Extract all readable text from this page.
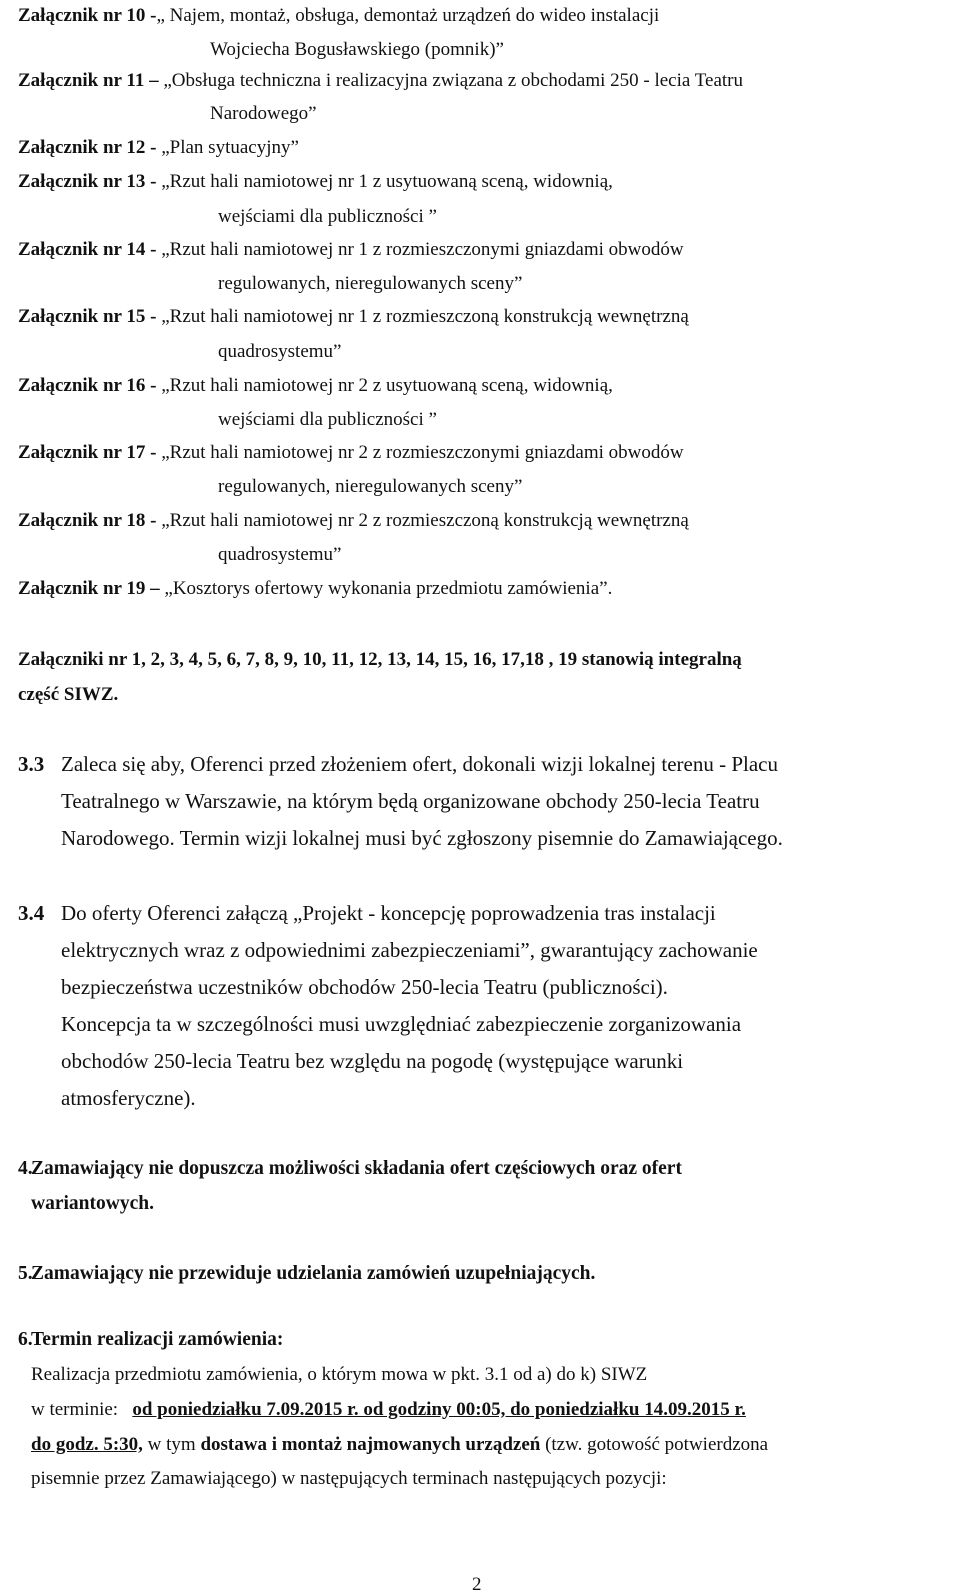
Załącznik nr 10 -„ Najem, montaż, obsługa, demontaż urządzeń do wideo instalacji
Wojciecha Bogusławskiego (pomnik)”
Załącznik nr 11 – „Obsługa techniczna i realizacyjna związana z obchodami 250 - lecia Teatru
Narodowego”
Załącznik nr 12 - „Plan sytuacyjny”
Załącznik nr 13 - „Rzut hali namiotowej nr 1 z usytuowaną sceną, widownią,
wejściami dla publiczności ”
Załącznik nr 14 - „Rzut hali namiotowej nr 1 z rozmieszczonymi gniazdami obwodów
regulowanych, nieregulowanych sceny”
Załącznik nr 15 - „Rzut hali namiotowej nr 1 z rozmieszczoną konstrukcją wewnętrzną
quadrosystemu”
Załącznik nr 16 - „Rzut hali namiotowej nr 2 z usytuowaną sceną, widownią,
wejściami dla publiczności ”
Załącznik nr 17 - „Rzut hali namiotowej nr 2 z rozmieszczonymi gniazdami obwodów
regulowanych, nieregulowanych sceny”
Załącznik nr 18 - „Rzut hali namiotowej nr 2 z rozmieszczoną konstrukcją wewnętrzną
quadrosystemu”
Załącznik nr 19 – „Kosztorys ofertowy wykonania przedmiotu zamówienia”.
Załączniki nr 1, 2, 3, 4, 5, 6, 7, 8, 9, 10, 11, 12, 13, 14, 15, 16, 17,18 , 19 stanowią integralną
część SIWZ.
3.3 Zaleca się aby, Oferenci przed złożeniem ofert, dokonali wizji lokalnej terenu - Placu
Teatralnego w Warszawie, na którym będą organizowane obchody 250-lecia Teatru
Narodowego. Termin wizji lokalnej musi być zgłoszony pisemnie do Zamawiającego.
3.4 Do oferty Oferenci załączą „Projekt - koncepcję poprowadzenia tras instalacji
elektrycznych wraz z odpowiednimi zabezpieczeniami”, gwarantujący zachowanie
bezpieczeństwa uczestników obchodów 250-lecia Teatru (publiczności).
Koncepcja ta w szczególności musi uwzględniać zabezpieczenie zorganizowania
obchodów 250-lecia Teatru bez względu na pogodę (występujące warunki
atmosferyczne).
4.
Zamawiający nie dopuszcza możliwości składania ofert częściowych oraz ofert
wariantowych.
5.
Zamawiający nie przewiduje udzielania zamówień uzupełniających.
6.
Termin realizacji zamówienia:
Realizacja przedmiotu zamówienia, o którym mowa w pkt. 3.1 od a) do k) SIWZ
w terminie: od poniedziałku 7.09.2015 r. od godziny 00:05, do poniedziałku 14.09.2015 r.
do godz. 5:30, w tym dostawa i montaż najmowanych urządzeń (tzw. gotowość potwierdzona
pisemnie przez Zamawiającego) w następujących terminach następujących pozycji:
2
